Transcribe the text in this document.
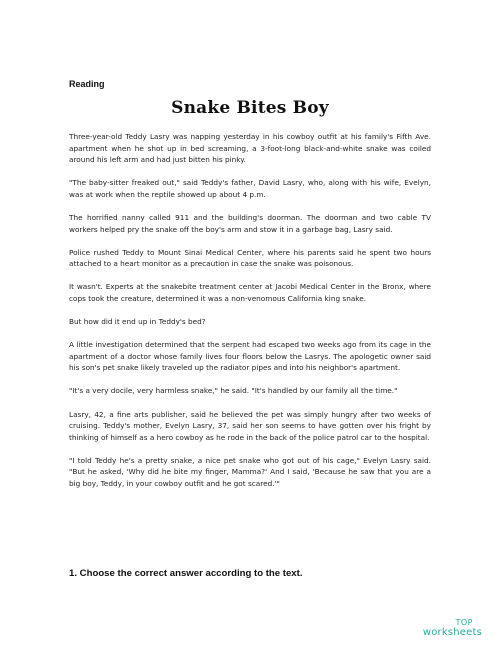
Reading
Snake Bites Boy

Three-year-old Teddy Lasry was napping yesterday in his cowboy outfit at his family's Fifth Ave. apartment when he shot up in bed screaming, a 3-foot-long black-and-white snake was coiled around his left arm and had just bitten his pinky.

"The baby-sitter freaked out," said Teddy's father, David Lasry, who, along with his wife, Evelyn, was at work when the reptile showed up about 4 p.m.

The horrified nanny called 911 and the building's doorman. The doorman and two cable TV workers helped pry the snake off the boy's arm and stow it in a garbage bag, Lasry said.

Police rushed Teddy to Mount Sinai Medical Center, where his parents said he spent two hours attached to a heart monitor as a precaution in case the snake was poisonous.

It wasn't. Experts at the snakebite treatment center at Jacobi Medical Center in the Bronx, where cops took the creature, determined it was a non-venomous California king snake.

But how did it end up in Teddy's bed?

A little investigation determined that the serpent had escaped two weeks ago from its cage in the apartment of a doctor whose family lives four floors below the Lasrys. The apologetic owner said his son's pet snake likely traveled up the radiator pipes and into his neighbor's apartment.

"It's a very docile, very harmless snake," he said. "It's handled by our family all the time."

Lasry, 42, a fine arts publisher, said he believed the pet was simply hungry after two weeks of cruising. Teddy's mother, Evelyn Lasry, 37, said her son seems to have gotten over his fright by thinking of himself as a hero cowboy as he rode in the back of the police patrol car to the hospital.

"I told Teddy he's a pretty snake, a nice pet snake who got out of his cage," Evelyn Lasry said. "But he asked, 'Why did he bite my finger, Mamma?' And I said, 'Because he saw that you are a big boy, Teddy, in your cowboy outfit and he got scared.'"

1. Choose the correct answer according to the text.
TOP
worksheets
